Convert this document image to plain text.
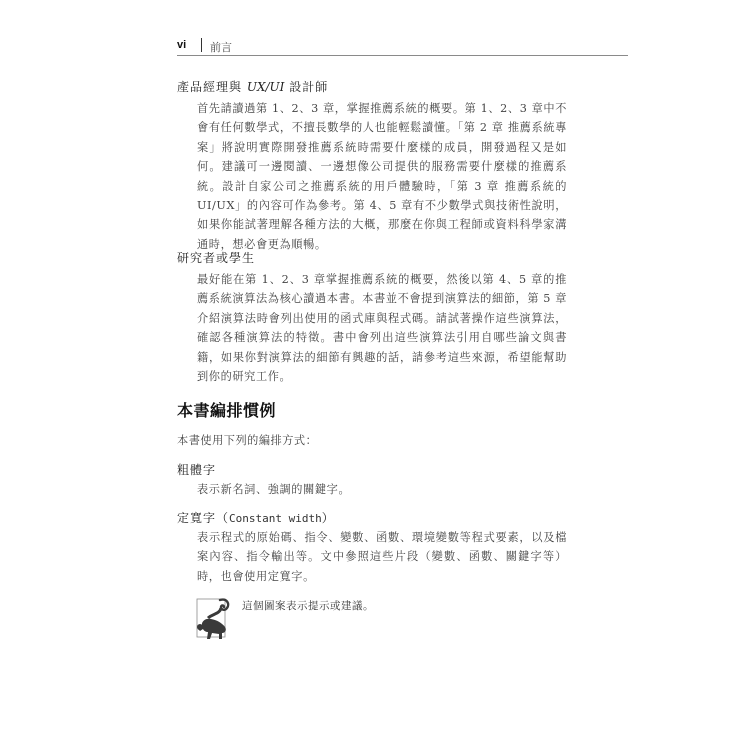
vi 前言
產品經理與 UX/UI 設計師
首先請讀過第 1、2、3 章，掌握推薦系統的概要。第 1、2、3 章中不會有任何數學式，不擅長數學的人也能輕鬆讀懂。「第 2 章 推薦系統專案」將說明實際開發推薦系統時需要什麼樣的成員，開發過程又是如何。建議可一邊閱讀、一邊想像公司提供的服務需要什麼樣的推薦系統。設計自家公司之推薦系統的用戶體驗時，「第 3 章 推薦系統的 UI/UX」的內容可作為參考。第 4、5 章有不少數學式與技術性說明，如果你能試著理解各種方法的大概，那麼在你與工程師或資料科學家溝通時，想必會更為順暢。
研究者或學生
最好能在第 1、2、3 章掌握推薦系統的概要，然後以第 4、5 章的推薦系統演算法為核心讀過本書。本書並不會提到演算法的細節，第 5 章介紹演算法時會列出使用的函式庫與程式碼。請試著操作這些演算法，確認各種演算法的特徵。書中會列出這些演算法引用自哪些論文與書籍，如果你對演算法的細節有興趣的話，請參考這些來源，希望能幫助到你的研究工作。
本書編排慣例
本書使用下列的編排方式：
粗體字
表示新名詞、強調的關鍵字。
定寬字（Constant width）
表示程式的原始碼、指令、變數、函數、環境變數等程式要素，以及檔案內容、指令輸出等。文中參照這些片段（變數、函數、關鍵字等）時，也會使用定寬字。
這個圖案表示提示或建議。
